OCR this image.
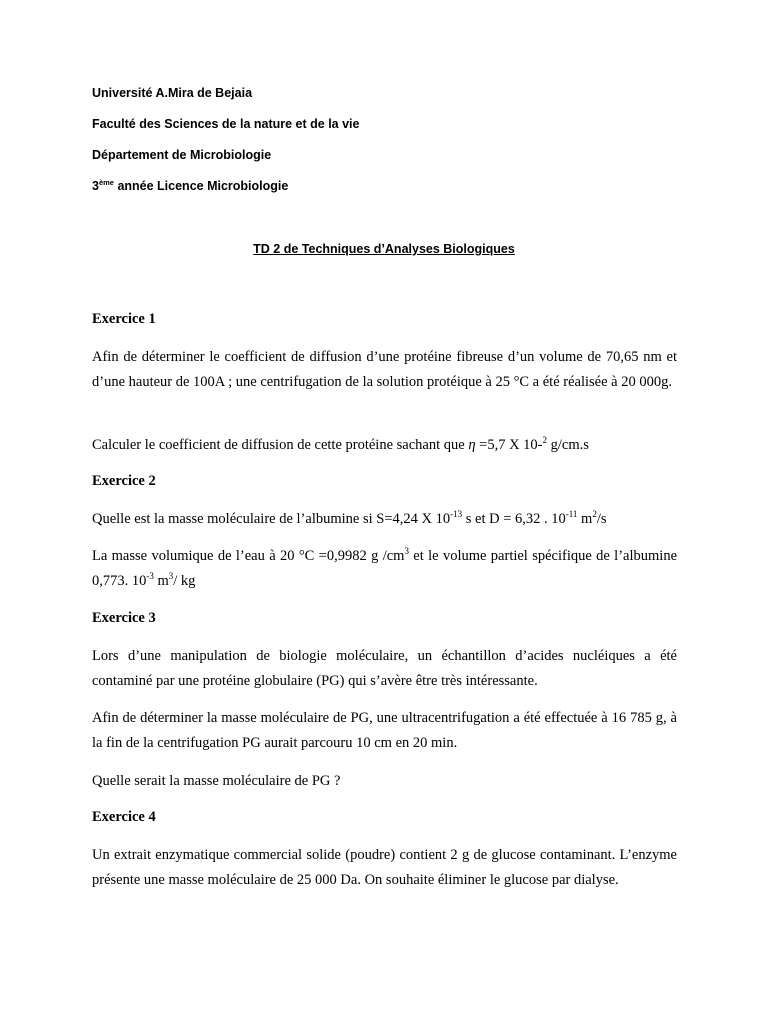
Université A.Mira de Bejaia
Faculté des Sciences de la nature et de la vie
Département de Microbiologie
3ème année Licence Microbiologie
TD 2 de Techniques d’Analyses Biologiques
Exercice 1
Afin de déterminer le coefficient de diffusion d’une protéine fibreuse d’un volume de 70,65 nm et d’une hauteur de 100A ; une centrifugation de la solution protéique à 25 °C a été réalisée à 20 000g.
Calculer le coefficient de diffusion de cette protéine sachant que η =5,7 X 10-$^2$ g/cm.s
Exercice 2
Quelle est la masse moléculaire de l’albumine si S=4,24 X $10^{-13}$ s et D = 6,32 . $10^{-11}$ $m^2/s$
La masse volumique de l’eau à 20 °C =0,9982 g $/cm^3$ et le volume partiel spécifique de l’albumine 0,773. $10^{-3}$ $m^3/$ kg
Exercice 3
Lors d’une manipulation de biologie moléculaire, un échantillon d’acides nucléiques a été contaminé par une protéine globulaire (PG) qui s’avère être très intéressante.
Afin de déterminer la masse moléculaire de PG, une ultracentrifugation a été effectuée à 16 785 g, à la fin de la centrifugation PG aurait parcouru 10 cm en 20 min.
Quelle serait la masse moléculaire de PG ?
Exercice 4
Un extrait enzymatique commercial solide (poudre) contient 2 g de glucose contaminant. L’enzyme présente une masse moléculaire de 25 000 Da. On souhaite éliminer le glucose par dialyse.
